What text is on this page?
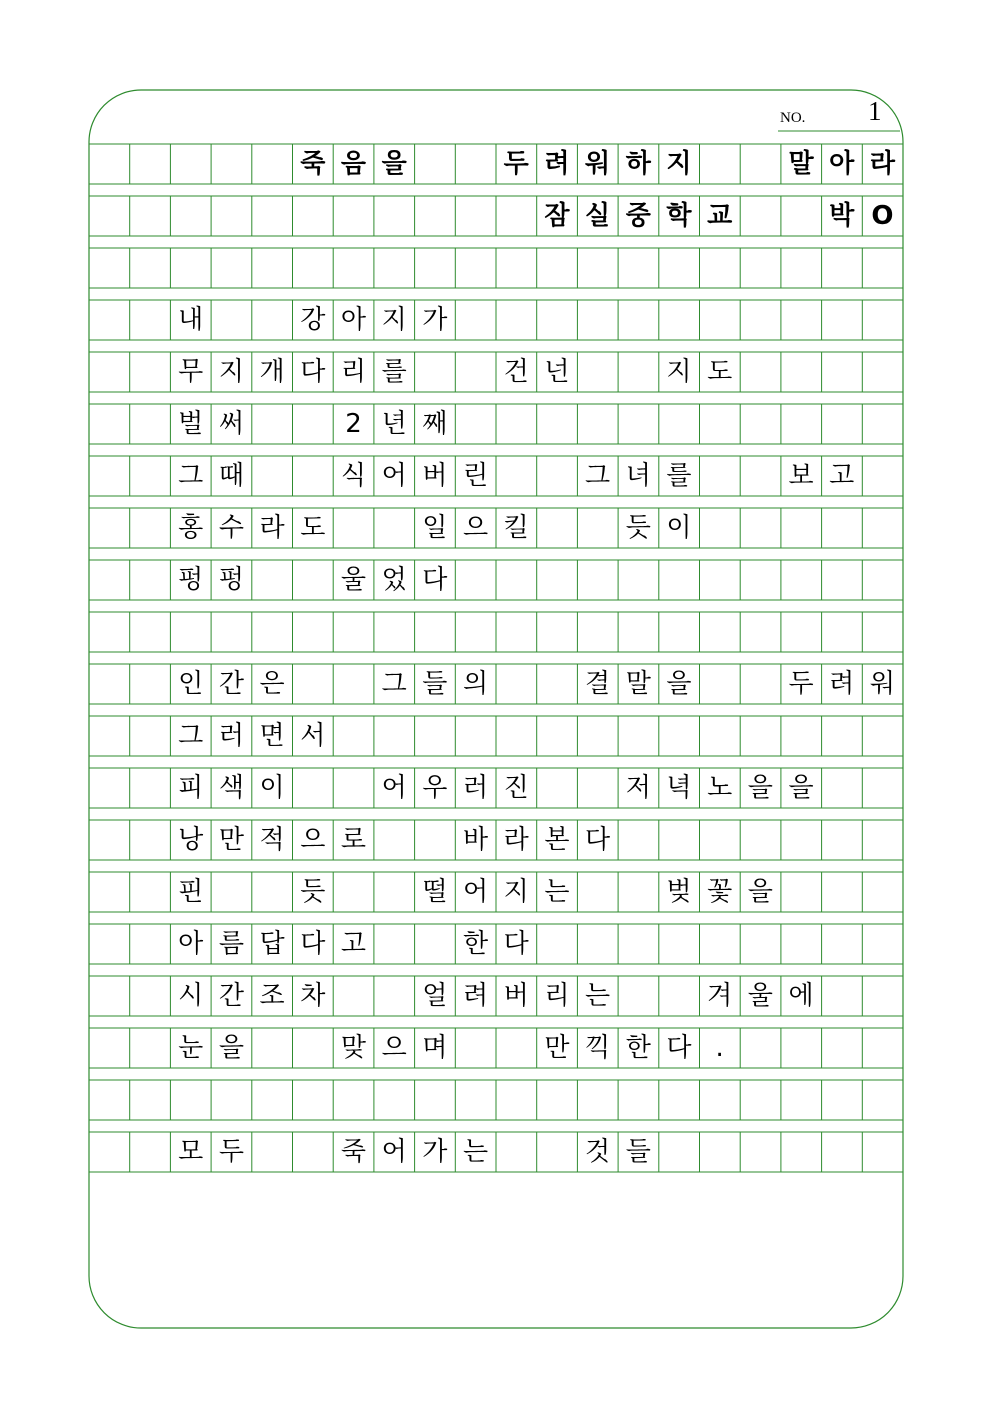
NO. 1
죽 음 을	두 려 워 하 지	말 아 라
잠 실 중 학 교	박 O
내	강 아 지 가
무 지 개 다 리 를	건 넌	지 도
벌 써	2 년 째
그 때	식 어 버 린	그 녀 를	보 고
홍 수 라 도	일 으 킬	듯 이
펑 펑	울 었 다
인 간 은	그 들 의	결 말 을	두 려 워
그 러 면 서
피 색 이	어 우 러 진	저 녁 노 을 을
낭 만 적 으 로	바 라 본 다
핀	듯	떨 어 지 는	벚 꽃 을
아 름 답 다 고	한 다
시 간 조 차	얼 려 버 리 는	겨 울 에
눈 을	맞 으 며	만 끽 한 다 .
모 두	죽 어 가 는	것 들
